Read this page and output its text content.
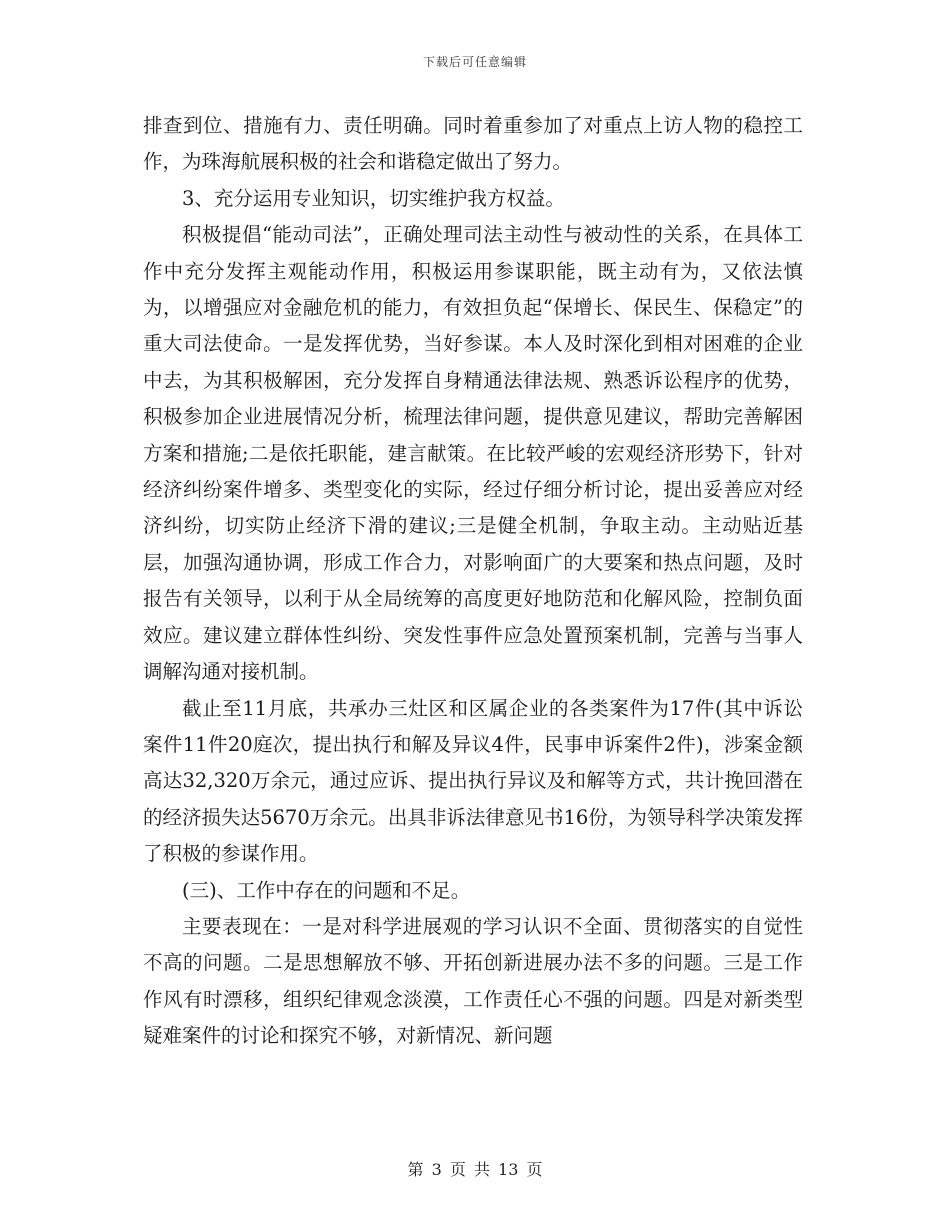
下载后可任意编辑

排查到位、措施有力、责任明确。同时着重参加了对重点上访人物的稳控工作，为珠海航展积极的社会和谐稳定做出了努力。

3、充分运用专业知识，切实维护我方权益。

积极提倡“能动司法”，正确处理司法主动性与被动性的关系，在具体工作中充分发挥主观能动作用，积极运用参谋职能，既主动有为，又依法慎为，以增强应对金融危机的能力，有效担负起“保增长、保民生、保稳定”的重大司法使命。一是发挥优势，当好参谋。本人及时深化到相对困难的企业中去，为其积极解困，充分发挥自身精通法律法规、熟悉诉讼程序的优势，积极参加企业进展情况分析，梳理法律问题，提供意见建议，帮助完善解困方案和措施;二是依托职能，建言献策。在比较严峻的宏观经济形势下，针对经济纠纷案件增多、类型变化的实际，经过仔细分析讨论，提出妥善应对经济纠纷，切实防止经济下滑的建议;三是健全机制，争取主动。主动贴近基层，加强沟通协调，形成工作合力，对影响面广的大要案和热点问题，及时报告有关领导，以利于从全局统筹的高度更好地防范和化解风险，控制负面效应。建议建立群体性纠纷、突发性事件应急处置预案机制，完善与当事人调解沟通对接机制。

截止至11月底，共承办三灶区和区属企业的各类案件为17件(其中诉讼案件11件20庭次，提出执行和解及异议4件，民事申诉案件2件)，涉案金额高达32,320万余元，通过应诉、提出执行异议及和解等方式，共计挽回潜在的经济损失达5670万余元。出具非诉法律意见书16份，为领导科学决策发挥了积极的参谋作用。

(三)、工作中存在的问题和不足。

主要表现在：一是对科学进展观的学习认识不全面、贯彻落实的自觉性不高的问题。二是思想解放不够、开拓创新进展办法不多的问题。三是工作作风有时漂移，组织纪律观念淡漠，工作责任心不强的问题。四是对新类型疑难案件的讨论和探究不够，对新情况、新问题

第 3 页 共 13 页
